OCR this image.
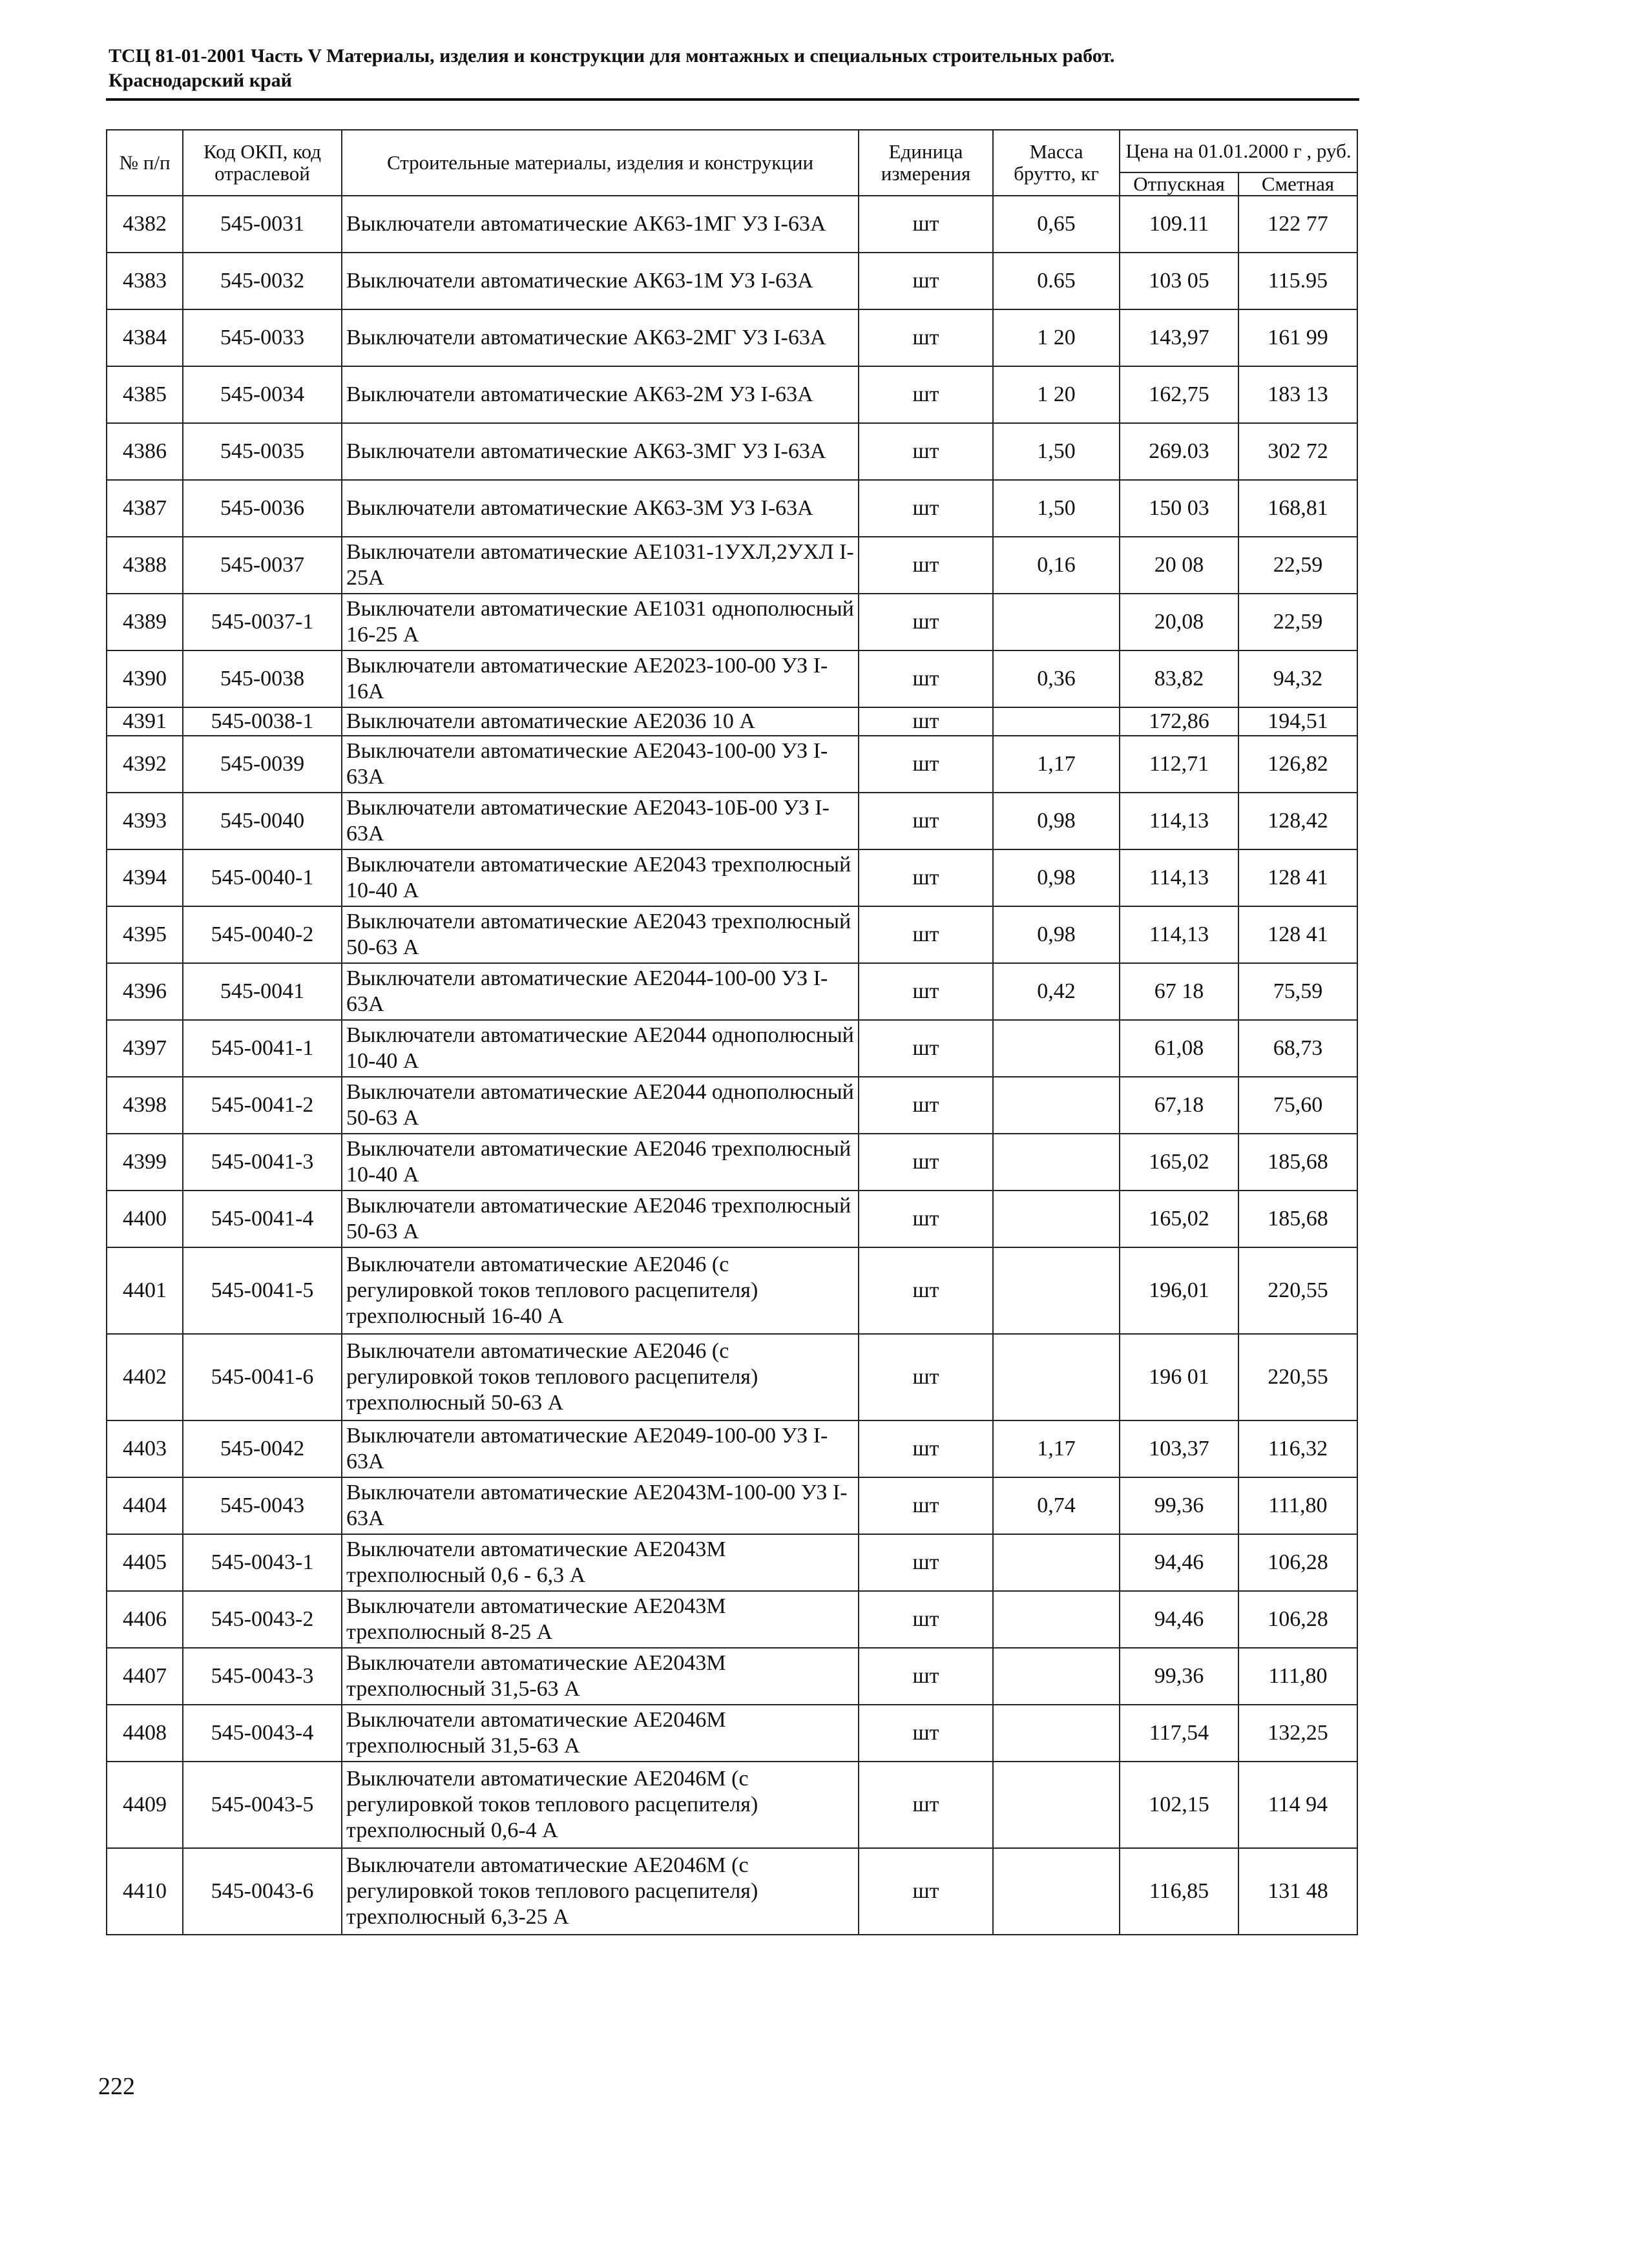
ТСЦ 81-01-2001 Часть V Материалы, изделия и конструкции для монтажных и специальных строительных работ.
Краснодарский край
№ п/п	Код ОКП, код отраслевой	Строительные материалы, изделия и конструкции	Единица измерения	Масса брутто, кг	Цена на 01.01.2000 г , руб.	
					Отпускная	Сметная
4382	545-0031	Выключатели автоматические АК63-1МГ УЗ I-63А	шт	0,65	109.11	122 77
4383	545-0032	Выключатели автоматические АК63-1М УЗ I-63А	шт	0.65	103 05	115.95
4384	545-0033	Выключатели автоматические АК63-2МГ УЗ I-63А	шт	1 20	143,97	161 99
4385	545-0034	Выключатели автоматические АК63-2М УЗ I-63А	шт	1 20	162,75	183 13
4386	545-0035	Выключатели автоматические АК63-3МГ УЗ I-63А	шт	1,50	269.03	302 72
4387	545-0036	Выключатели автоматические АК63-3М УЗ I-63А	шт	1,50	150 03	168,81
4388	545-0037	Выключатели автоматические АЕ1031-1УХЛ,2УХЛ I-25А	шт	0,16	20 08	22,59
4389	545-0037-1	Выключатели автоматические АЕ1031 однополюсный 16-25 А	шт		20,08	22,59
4390	545-0038	Выключатели автоматические АЕ2023-100-00 УЗ I-16А	шт	0,36	83,82	94,32
4391	545-0038-1	Выключатели автоматические АЕ2036 10 А	шт		172,86	194,51
4392	545-0039	Выключатели автоматические АЕ2043-100-00 УЗ I-63А	шт	1,17	112,71	126,82
4393	545-0040	Выключатели автоматические АЕ2043-10Б-00 УЗ I-63А	шт	0,98	114,13	128,42
4394	545-0040-1	Выключатели автоматические АЕ2043 трехполюсный 10-40 А	шт	0,98	114,13	128 41
4395	545-0040-2	Выключатели автоматические АЕ2043 трехполюсный 50-63 А	шт	0,98	114,13	128 41
4396	545-0041	Выключатели автоматические АЕ2044-100-00 УЗ I-63А	шт	0,42	67 18	75,59
4397	545-0041-1	Выключатели автоматические АЕ2044 однополюсный 10-40 А	шт		61,08	68,73
4398	545-0041-2	Выключатели автоматические АЕ2044 однополюсный 50-63 А	шт		67,18	75,60
4399	545-0041-3	Выключатели автоматические АЕ2046 трехполюсный 10-40 А	шт		165,02	185,68
4400	545-0041-4	Выключатели автоматические АЕ2046 трехполюсный 50-63 А	шт		165,02	185,68
4401	545-0041-5	Выключатели автоматические АЕ2046 (с регулировкой токов теплового расцепителя) трехполюсный 16-40 А	шт		196,01	220,55
4402	545-0041-6	Выключатели автоматические АЕ2046 (с регулировкой токов теплового расцепителя) трехполюсный 50-63 А	шт		196 01	220,55
4403	545-0042	Выключатели автоматические АЕ2049-100-00 УЗ I-63А	шт	1,17	103,37	116,32
4404	545-0043	Выключатели автоматические АЕ2043М-100-00 УЗ I-63А	шт	0,74	99,36	111,80
4405	545-0043-1	Выключатели автоматические АЕ2043М трехполюсный 0,6 - 6,3 А	шт		94,46	106,28
4406	545-0043-2	Выключатели автоматические АЕ2043М трехполюсный 8-25 А	шт		94,46	106,28
4407	545-0043-3	Выключатели автоматические АЕ2043М трехполюсный 31,5-63 А	шт		99,36	111,80
4408	545-0043-4	Выключатели автоматические АЕ2046М трехполюсный 31,5-63 А	шт		117,54	132,25
4409	545-0043-5	Выключатели автоматические АЕ2046М (с регулировкой токов теплового расцепителя) трехполюсный 0,6-4 А	шт		102,15	114 94
4410	545-0043-6	Выключатели автоматические АЕ2046М (с регулировкой токов теплового расцепителя) трехполюсный 6,3-25 А	шт		116,85	131 48
222
